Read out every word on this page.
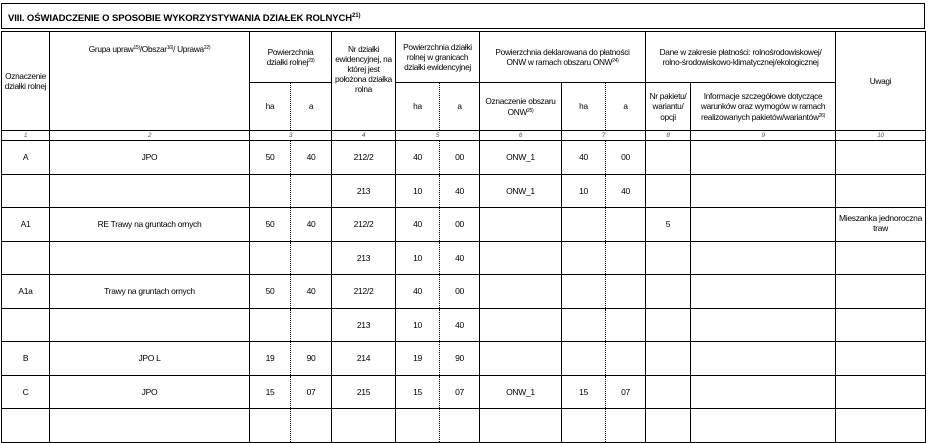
VIII. OŚWIADCZENIE O SPOSOBIE WYKORZYSTYWANIA DZIAŁEK ROLNYCH$^{21)}$
Oznaczenie działki rolnej	Grupa upraw$^{15)}$/Obszar$^{16)}$/ Uprawa$^{22)}$	Powierzchnia działki rolnej$^{23)}$		Nr działki ewidencyjnej, na której jest położona działka rolna	Powierzchnia działki rolnej w granicach działki ewidencyjnej		Powierzchnia deklarowana do płatności ONW w ramach obszaru ONW$^{24)}$			Dane w zakresie płatności: rolnośrodowiskowej/
rolno-środowiskowo-klimatycznej/ekologicznej		Uwagi
		ha	a		ha	a	Oznaczenie obszaru ONW$^{25)}$	ha	a	Nr pakietu/ wariantu/ opcji	Informacje szczegółowe dotyczące warunków oraz wymogów w ramach realizowanych pakietów/wariantów$^{26)}$
1	2	3		4	5		6	7		8	9	10
A	JPO	50	40	212/2	40	00	ONW_1	40	00			
				213	10	40	ONW_1	10	40			
A1	RE Trawy na gruntach ornych	50	40	212/2	40	00				5		Mieszanka jednoroczna traw
				213	10	40						
A1a	Trawy na gruntach ornych	50	40	212/2	40	00						
				213	10	40						
B	JPO L	19	90	214	19	90						
C	JPO	15	07	215	15	07	ONW_1	15	07			
